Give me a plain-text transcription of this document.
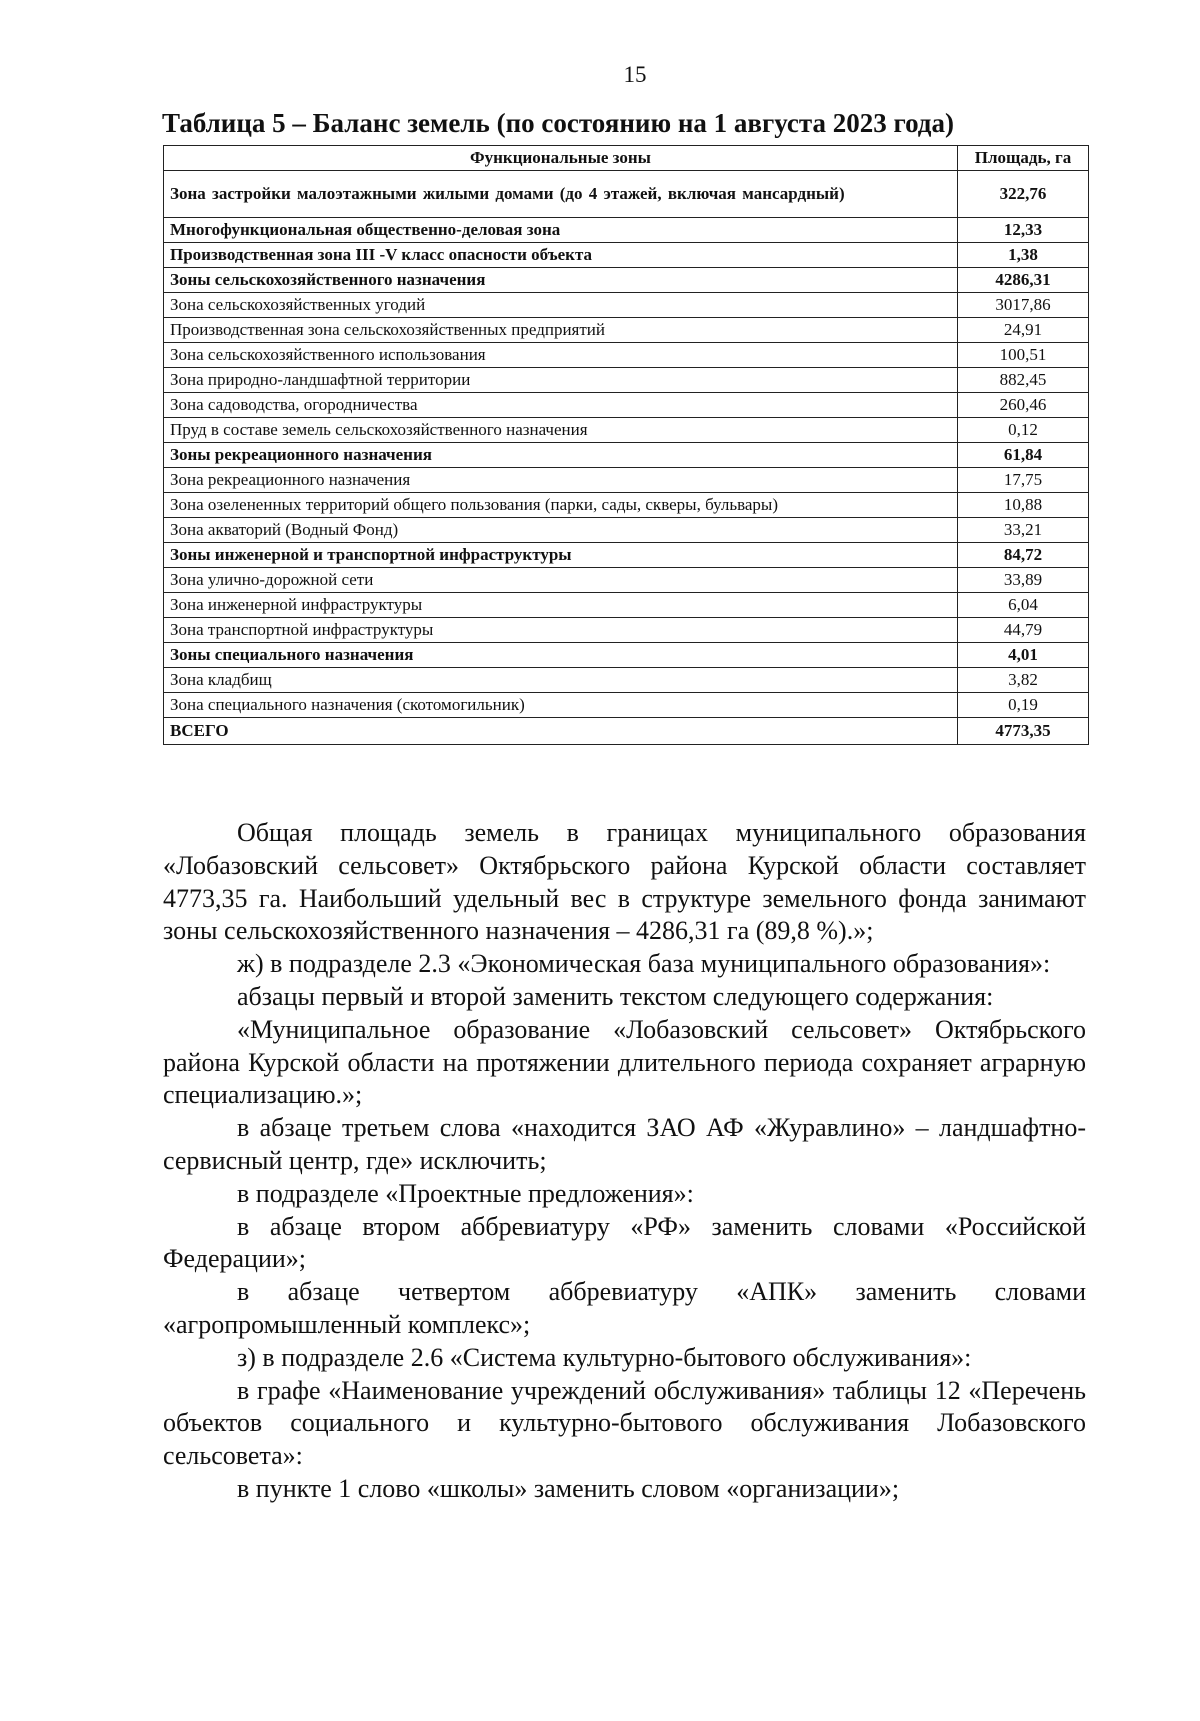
15
Таблица 5 – Баланс земель (по состоянию на 1 августа 2023 года)
Функциональные зоны	Площадь, га
Зона застройки малоэтажными жилыми домами (до 4 этажей, включая мансардный)	322,76
Многофункциональная общественно-деловая зона	12,33
Производственная зона III -V класс опасности объекта	1,38
Зоны сельскохозяйственного назначения	4286,31
Зона сельскохозяйственных угодий	3017,86
Производственная зона сельскохозяйственных предприятий	24,91
Зона сельскохозяйственного использования	100,51
Зона природно-ландшафтной территории	882,45
Зона садоводства, огородничества	260,46
Пруд в составе земель сельскохозяйственного назначения	0,12
Зоны рекреационного назначения	61,84
Зона рекреационного назначения	17,75
Зона озелененных территорий общего пользования (парки, сады, скверы, бульвары)	10,88
Зона акваторий (Водный Фонд)	33,21
Зоны инженерной и транспортной инфраструктуры	84,72
Зона улично-дорожной сети	33,89
Зона инженерной инфраструктуры	6,04
Зона транспортной инфраструктуры	44,79
Зоны специального назначения	4,01
Зона кладбищ	3,82
Зона специального назначения (скотомогильник)	0,19
ВСЕГО	4773,35

Общая площадь земель в границах муниципального образования «Лобазовский сельсовет» Октябрьского района Курской области составляет 4773,35 га. Наибольший удельный вес в структуре земельного фонда занимают зоны сельскохозяйственного назначения – 4286,31 га (89,8 %).»;

ж) в подразделе 2.3 «Экономическая база муниципального образования»:

абзацы первый и второй заменить текстом следующего содержания:

«Муниципальное образование «Лобазовский сельсовет» Октябрьского района Курской области на протяжении длительного периода сохраняет аграрную специализацию.»;

в абзаце третьем слова «находится ЗАО АФ «Журавлино» – ландшафтно-сервисный центр, где» исключить;

в подразделе «Проектные предложения»:

в абзаце втором аббревиатуру «РФ» заменить словами «Российской Федерации»;

в абзаце четвертом аббревиатуру «АПК» заменить словами «агропромышленный комплекс»;

з) в подразделе 2.6 «Система культурно-бытового обслуживания»:

в графе «Наименование учреждений обслуживания» таблицы 12 «Перечень объектов социального и культурно-бытового обслуживания Лобазовского сельсовета»:

в пункте 1 слово «школы» заменить словом «организации»;
